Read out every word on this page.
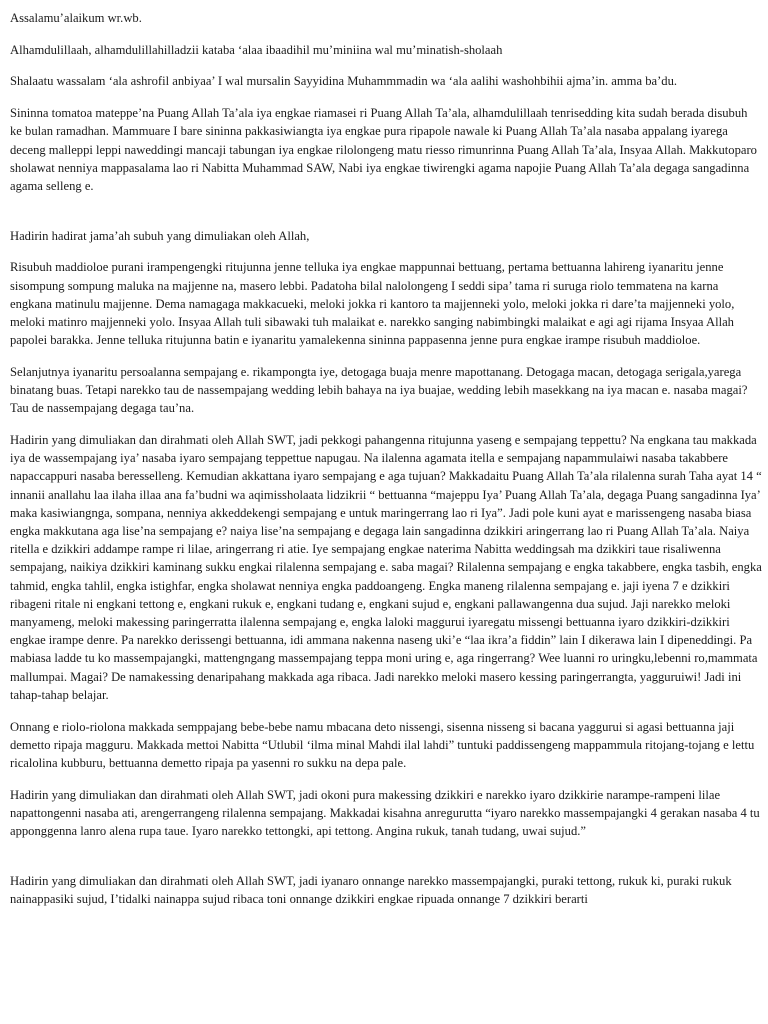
Assalamu’alaikum wr.wb.

Alhamdulillaah, alhamdulillahilladzii kataba ‘alaa ibaadihil mu’miniina wal mu’minatish-sholaah

Shalaatu wassalam ‘ala ashrofil anbiyaa’ I wal mursalin Sayyidina Muhammmadin wa ‘ala aalihi washohbihii ajma’in. amma ba’du.

Sininna tomatoa mateppe’na Puang Allah Ta’ala iya engkae riamasei ri Puang Allah Ta’ala, alhamdulillaah tenrisedding kita sudah berada disubuh ke bulan ramadhan. Mammuare I bare sininna pakkasiwiangta iya engkae pura ripapole nawale ki Puang Allah Ta’ala nasaba appalang iyarega deceng malleppi leppi naweddingi mancaji tabungan iya engkae rilolongeng matu riesso rimunrinna Puang Allah Ta’ala, Insyaa Allah. Makkutoparo sholawat nenniya mappasalama lao ri Nabitta Muhammad SAW, Nabi iya engkae tiwirengki agama napojie Puang Allah Ta’ala degaga sangadinna agama selleng e.

Hadirin hadirat jama’ah subuh yang dimuliakan oleh Allah,

Risubuh maddioloe purani irampengengki ritujunna jenne telluka iya engkae mappunnai bettuang, pertama bettuanna lahireng iyanaritu jenne sisompung sompung maluka na majjenne na, masero lebbi. Padatoha bilal nalolongeng I seddi sipa’ tama ri suruga riolo temmatena na karna engkana matinulu majjenne. Dema namagaga makkacueki, meloki jokka ri kantoro ta majjenneki yolo, meloki jokka ri dare’ta majjenneki yolo, meloki matinro majjenneki yolo. Insyaa Allah tuli sibawaki tuh malaikat e. narekko sanging nabimbingki malaikat e agi agi rijama Insyaa Allah papolei barakka. Jenne telluka ritujunna batin e iyanaritu yamalekenna sininna pappasenna jenne pura engkae irampe risubuh maddioloe.

Selanjutnya iyanaritu persoalanna sempajang e. rikampongta iye, detogaga buaja menre mapottanang. Detogaga macan, detogaga serigala,yarega binatang buas. Tetapi narekko tau de nassempajang wedding lebih bahaya na iya buajae, wedding lebih masekkang na iya macan e. nasaba magai? Tau de nassempajang degaga tau’na.

Hadirin yang dimuliakan dan dirahmati oleh Allah SWT, jadi pekkogi pahangenna ritujunna yaseng e sempajang teppettu? Na engkana tau makkada iya de wassempajang iya’ nasaba iyaro sempajang teppettue napugau. Na ilalenna agamata itella e sempajang napammulaiwi nasaba takabbere napaccappuri nasaba beresselleng. Kemudian akkattana iyaro sempajang e aga tujuan? Makkadaitu Puang Allah Ta’ala rilalenna surah Taha ayat 14 “ innanii anallahu laa ilaha illaa ana fa’budni wa aqimissholaata lidzikrii “ bettuanna “majeppu Iya’ Puang Allah Ta’ala, degaga Puang sangadinna Iya’ maka kasiwiangnga, sompana, nenniya akkeddekengi sempajang e untuk maringerrang lao ri Iya”. Jadi pole kuni ayat e marissengeng nasaba biasa engka makkutana aga lise’na sempajang e? naiya lise’na sempajang e degaga lain sangadinna dzikkiri aringerrang lao ri Puang Allah Ta’ala. Naiya ritella e dzikkiri addampe rampe ri lilae, aringerrang ri atie. Iye sempajang engkae naterima Nabitta weddingsah ma dzikkiri taue risaliwenna sempajang, naikiya dzikkiri kaminang sukku engkai rilalenna sempajang e. saba magai? Rilalenna sempajang e engka takabbere, engka tasbih, engka tahmid, engka tahlil, engka istighfar, engka sholawat nenniya engka paddoangeng. Engka maneng rilalenna sempajang e. jaji iyena 7 e dzikkiri ribageni ritale ni engkani tettong e, engkani rukuk e, engkani tudang e, engkani sujud e, engkani pallawangenna dua sujud. Jaji narekko meloki manyameng, meloki makessing paringerratta ilalenna sempajang e, engka laloki maggurui iyaregatu missengi bettuanna iyaro dzikkiri-dzikkiri engkae irampe denre. Pa narekko derissengi bettuanna, idi ammana nakenna naseng uki’e “laa ikra’a fiddin” lain I dikerawa lain I dipeneddingi. Pa mabiasa ladde tu ko massempajangki, mattengngang massempajang teppa moni uring e, aga ringerrang? Wee luanni ro uringku,lebenni ro,mammata mallumpai. Magai? De namakessing denaripahang makkada aga ribaca. Jadi narekko meloki masero kessing paringerrangta, yagguruiwi! Jadi ini tahap-tahap belajar.

Onnang e riolo-riolona makkada semppajang bebe-bebe namu mbacana deto nissengi, sisenna nisseng si bacana yaggurui si agasi bettuanna jaji demetto ripaja magguru. Makkada mettoi Nabitta “Utlubil ‘ilma minal Mahdi ilal lahdi” tuntuki paddissengeng mappammula ritojang-tojang e lettu ricalolina kubburu, bettuanna demetto ripaja pa yasenni ro sukku na depa pale.

Hadirin yang dimuliakan dan dirahmati oleh Allah SWT, jadi okoni pura makessing dzikkiri e narekko iyaro dzikkirie narampe-rampeni lilae napattongenni nasaba ati, arengerrangeng rilalenna sempajang. Makkadai kisahna anregurutta “iyaro narekko massempajangki 4 gerakan nasaba 4 tu apponggenna lanro alena rupa taue. Iyaro narekko tettongki, api tettong. Angina rukuk, tanah tudang, uwai sujud.”

Hadirin yang dimuliakan dan dirahmati oleh Allah SWT, jadi iyanaro onnange narekko massempajangki, puraki tettong, rukuk ki, puraki rukuk nainappasiki sujud, I’tidalki nainappa sujud ribaca toni onnange dzikkiri engkae ripuada onnange 7 dzikkiri berarti
